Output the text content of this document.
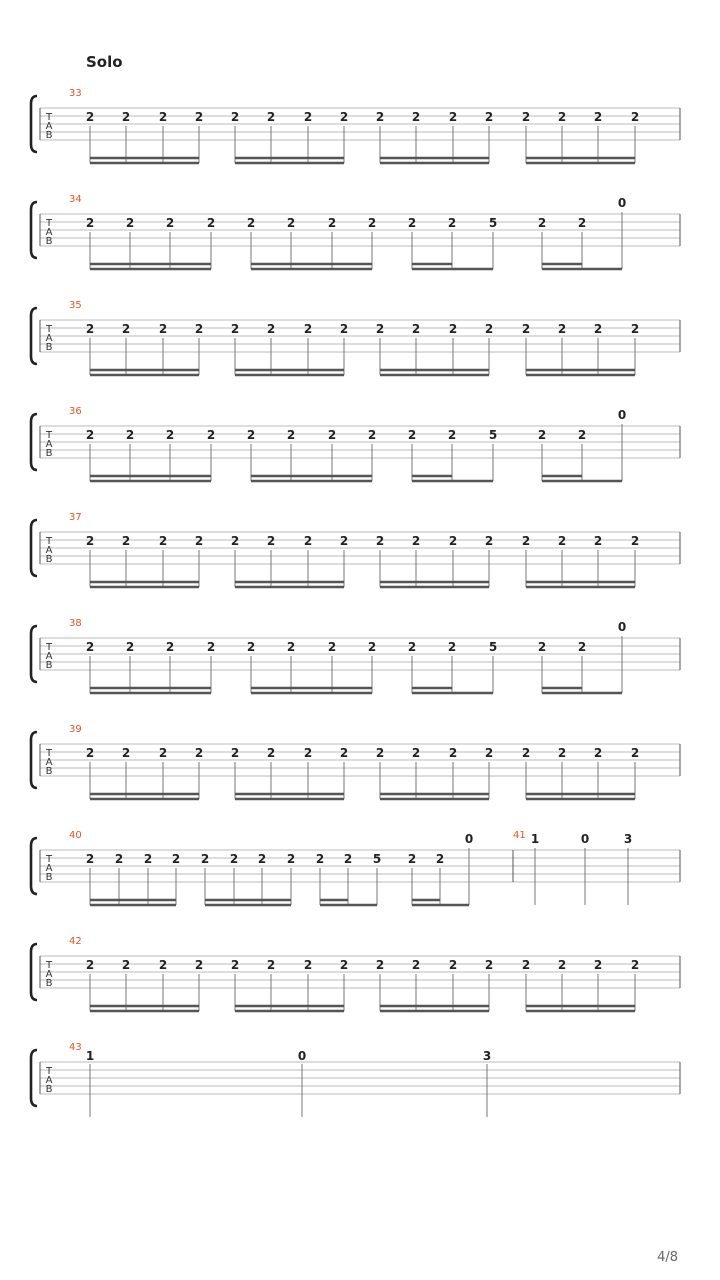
Solo
T
A
B
33
2 2 2 2 2 2 2 2 2 2 2 2 2 2 2 2
T
A
B
34
2	2	2	2	2	2	2	2	2	2	5	2	2
0
T
A
B
35
2 2 2 2 2 2 2 2 2 2 2 2 2 2 2 2
T
A
B
36
2	2	2	2	2	2	2	2	2	2	5	2	2
0
T
A
B
37
2 2 2 2 2 2 2 2 2 2 2 2 2 2 2 2
T
A
B
38
2	2	2	2	2	2	2	2	2	2	5	2	2
0
T
A
B
39
2 2 2 2 2 2 2 2 2 2 2 2 2 2 2 2
T
A
B
40	41
2 2 2 2 2 2 2 2 2 2 5 2 2
0	1	0	3
T
A
B
42
2 2 2 2 2 2 2 2 2 2 2 2 2 2 2 2
T
A
B
43
1	0	3
4/8
